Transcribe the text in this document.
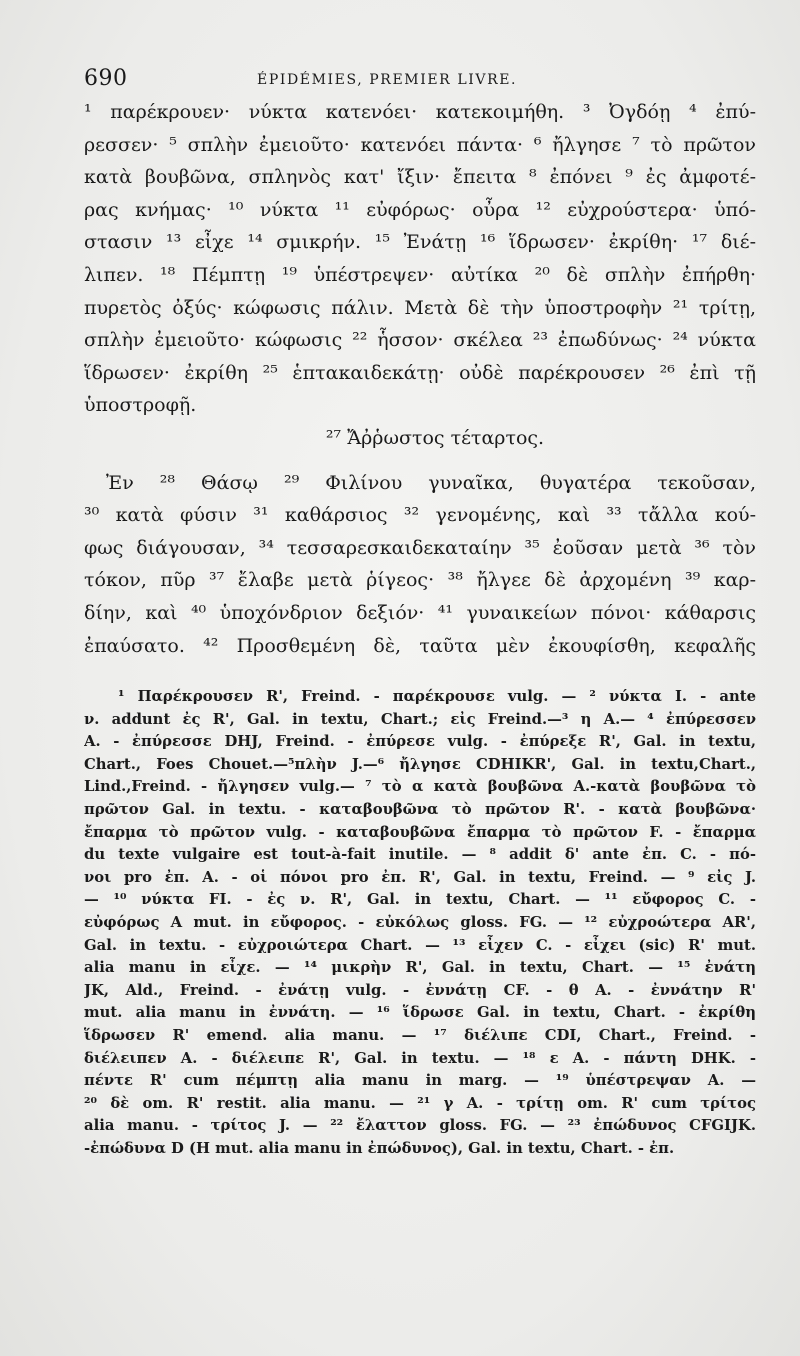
690	ÉPIDÉMIES, PREMIER LIVRE.
¹ παρέκρουεν· νύκτα κατενόει· κατεκοιμήθη. ³ Ὀγδόῃ ⁴ ἐπύ-
ρεσσεν· ⁵ σπλὴν ἐμειοῦτο· κατενόει πάντα· ⁶ ἤλγησε ⁷ τὸ πρῶτον
κατὰ βουβῶνα, σπληνὸς κατ' ἴξιν· ἔπειτα ⁸ ἐπόνει ⁹ ἐς ἀμφοτέ-
ρας κνήμας· ¹⁰ νύκτα ¹¹ εὐφόρως· οὖρα ¹² εὐχρούστερα· ὑπό-
στασιν ¹³ εἶχε ¹⁴ σμικρήν. ¹⁵ Ἐνάτῃ ¹⁶ ἵδρωσεν· ἐκρίθη· ¹⁷ διέ-
λιπεν. ¹⁸ Πέμπτῃ ¹⁹ ὑπέστρεψεν· αὐτίκα ²⁰ δὲ σπλὴν ἐπήρθη·
πυρετὸς ὀξύς· κώφωσις πάλιν. Μετὰ δὲ τὴν ὑποστροφὴν ²¹ τρίτῃ,
σπλὴν ἐμειοῦτο· κώφωσις ²² ἧσσον· σκέλεα ²³ ἐπωδύνως· ²⁴ νύκτα
ἵδρωσεν· ἐκρίθη ²⁵ ἑπτακαιδεκάτῃ· οὐδὲ παρέκρουσεν ²⁶ ἐπὶ τῇ
ὑποστροφῇ.
²⁷ Ἄῤῥωστος τέταρτος.
Ἐν ²⁸ Θάσῳ ²⁹ Φιλίνου γυναῖκα, θυγατέρα τεκοῦσαν,
³⁰ κατὰ φύσιν ³¹ καθάρσιος ³² γενομένης, καὶ ³³ τἄλλα κού-
φως διάγουσαν, ³⁴ τεσσαρεσκαιδεκαταίην ³⁵ ἐοῦσαν μετὰ ³⁶ τὸν
τόκον, πῦρ ³⁷ ἔλαβε μετὰ ῥίγεος· ³⁸ ἤλγεε δὲ ἀρχομένη ³⁹ καρ-
δίην, καὶ ⁴⁰ ὑποχόνδριον δεξιόν· ⁴¹ γυναικείων πόνοι· κάθαρσις
ἐπαύσατο. ⁴² Προσθεμένη δὲ, ταῦτα μὲν ἐκουφίσθη, κεφαλῆς
¹ Παρέκρουσεν R', Freind. - παρέκρουσε vulg. — ² νύκτα I. - ante
ν. addunt ἐς R', Gal. in textu, Chart.; εἰς Freind.—³ η A.— ⁴ ἐπύρεσσεν
A. - ἐπύρεσσε DHJ, Freind. - ἐπύρεσε vulg. - ἐπύρεξε R', Gal. in textu,
Chart., Foes Chouet.—⁵πλὴν J.—⁶ ἤλγησε CDHIKR', Gal. in textu,Chart.,
Lind.,Freind. - ἤλγησεν vulg.— ⁷ τὸ α κατὰ βουβῶνα A.-κατὰ βουβῶνα τὸ
πρῶτον Gal. in textu. - καταβουβῶνα τὸ πρῶτον R'. - κατὰ βουβῶνα·
ἔπαρμα τὸ πρῶτον vulg. - καταβουβῶνα ἔπαρμα τὸ πρῶτον F. - ἔπαρμα
du texte vulgaire est tout-à-fait inutile. — ⁸ addit δ' ante ἐπ. C. - πό-
νοι pro ἐπ. A. - οἱ πόνοι pro ἐπ. R', Gal. in textu, Freind. — ⁹ εἰς J.
— ¹⁰ νύκτα FI. - ἐς ν. R', Gal. in textu, Chart. — ¹¹ εὔφορος C. -
εὐφόρως A mut. in εὔφορος. - εὐκόλως gloss. FG. — ¹² εὐχροώτερα AR',
Gal. in textu. - εὐχροιώτερα Chart. — ¹³ εἶχεν C. - εἶχει (sic) R' mut.
alia manu in εἶχε. — ¹⁴ μικρὴν R', Gal. in textu, Chart. — ¹⁵ ἐνάτη
JK, Ald., Freind. - ἐνάτῃ vulg. - ἐννάτῃ CF. - θ A. - ἐννάτην R'
mut. alia manu in ἐννάτη. — ¹⁶ ἵδρωσε Gal. in textu, Chart. - ἐκρίθη
ἵδρωσεν R' emend. alia manu. — ¹⁷ διέλιπε CDI, Chart., Freind. -
διέλειπεν A. - διέλειπε R', Gal. in textu. — ¹⁸ ε A. - πάντη DHK. -
πέντε R' cum πέμπτῃ alia manu in marg. — ¹⁹ ὑπέστρεψαν A. —
²⁰ δὲ om. R' restit. alia manu. — ²¹ γ A. - τρίτῃ om. R' cum τρίτος
alia manu. - τρίτος J. — ²² ἔλαττον gloss. FG. — ²³ ἐπώδυνος CFGIJK.
-ἐπώδυνα D (H mut. alia manu in ἐπώδυνος), Gal. in textu, Chart. - ἐπ.
